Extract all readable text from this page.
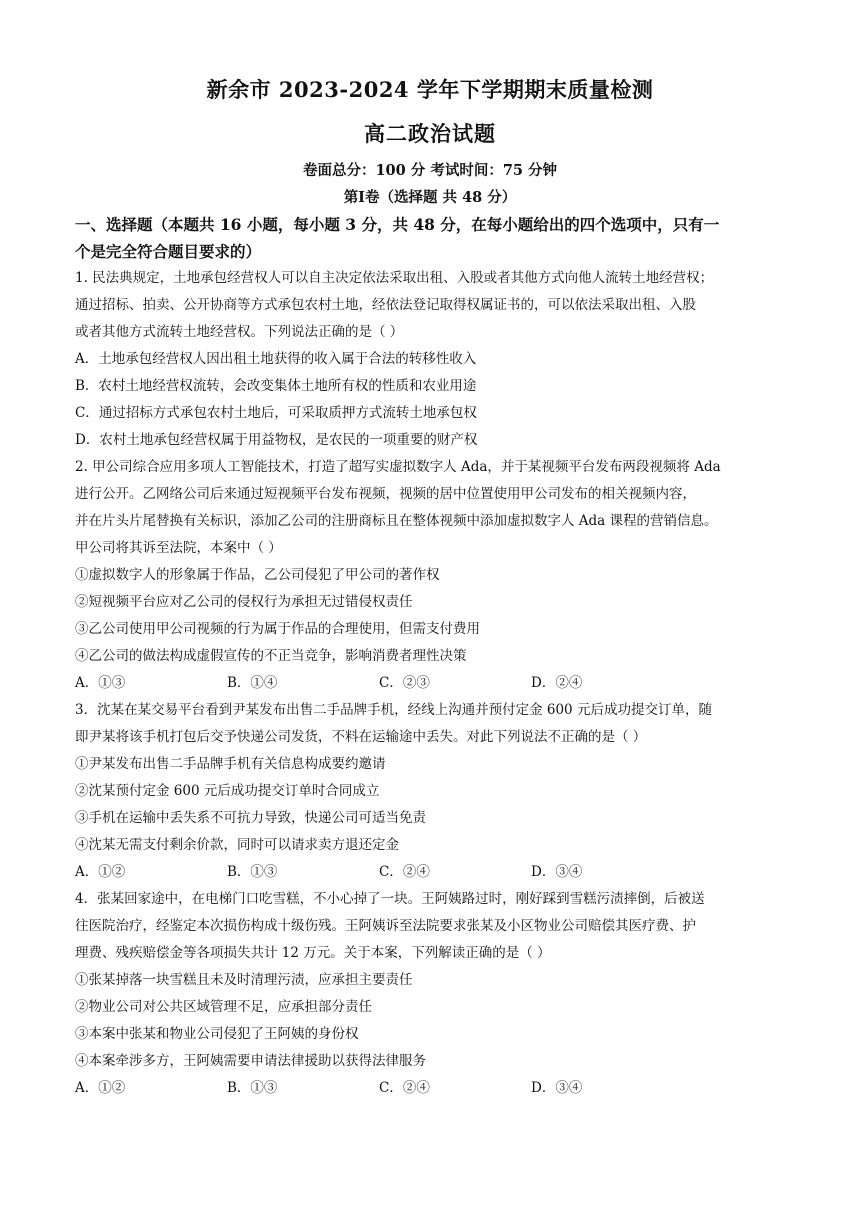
新余市 2023-2024 学年下学期期末质量检测
高二政治试题
卷面总分：100 分 考试时间：75 分钟
第Ⅰ卷（选择题 共 48 分）
一、选择题（本题共 16 小题，每小题 3 分，共 48 分，在每小题给出的四个选项中，只有一
个是完全符合题目要求的）
1. 民法典规定，土地承包经营权人可以自主决定依法采取出租、入股或者其他方式向他人流转土地经营权；
通过招标、拍卖、公开协商等方式承包农村土地，经依法登记取得权属证书的，可以依法采取出租、入股
或者其他方式流转土地经营权。下列说法正确的是（ ）
A．土地承包经营权人因出租土地获得的收入属于合法的转移性收入
B．农村土地经营权流转，会改变集体土地所有权的性质和农业用途
C．通过招标方式承包农村土地后，可采取质押方式流转土地承包权
D．农村土地承包经营权属于用益物权，是农民的一项重要的财产权
2. 甲公司综合应用多项人工智能技术，打造了超写实虚拟数字人 Ada，并于某视频平台发布两段视频将 Ada
进行公开。乙网络公司后来通过短视频平台发布视频，视频的居中位置使用甲公司发布的相关视频内容，
并在片头片尾替换有关标识，添加乙公司的注册商标且在整体视频中添加虚拟数字人 Ada 课程的营销信息。
甲公司将其诉至法院，本案中（ ）
①虚拟数字人的形象属于作品，乙公司侵犯了甲公司的著作权
②短视频平台应对乙公司的侵权行为承担无过错侵权责任
③乙公司使用甲公司视频的行为属于作品的合理使用，但需支付费用
④乙公司的做法构成虚假宣传的不正当竞争，影响消费者理性决策
A．①③	B．①④	C．②③	D．②④
3．沈某在某交易平台看到尹某发布出售二手品牌手机，经线上沟通并预付定金 600 元后成功提交订单，随
即尹某将该手机打包后交予快递公司发货，不料在运输途中丢失。对此下列说法不正确的是（ ）
①尹某发布出售二手品牌手机有关信息构成要约邀请
②沈某预付定金 600 元后成功提交订单时合同成立
③手机在运输中丢失系不可抗力导致，快递公司可适当免责
④沈某无需支付剩余价款，同时可以请求卖方退还定金
A．①②	B．①③	C．②④	D．③④
4．张某回家途中，在电梯门口吃雪糕，不小心掉了一块。王阿姨路过时，刚好踩到雪糕污渍摔倒，后被送
往医院治疗，经鉴定本次损伤构成十级伤残。王阿姨诉至法院要求张某及小区物业公司赔偿其医疗费、护
理费、残疾赔偿金等各项损失共计 12 万元。关于本案，下列解读正确的是（ ）
①张某掉落一块雪糕且未及时清理污渍，应承担主要责任
②物业公司对公共区域管理不足，应承担部分责任
③本案中张某和物业公司侵犯了王阿姨的身份权
④本案牵涉多方，王阿姨需要申请法律援助以获得法律服务
A．①②	B．①③	C．②④	D．③④
